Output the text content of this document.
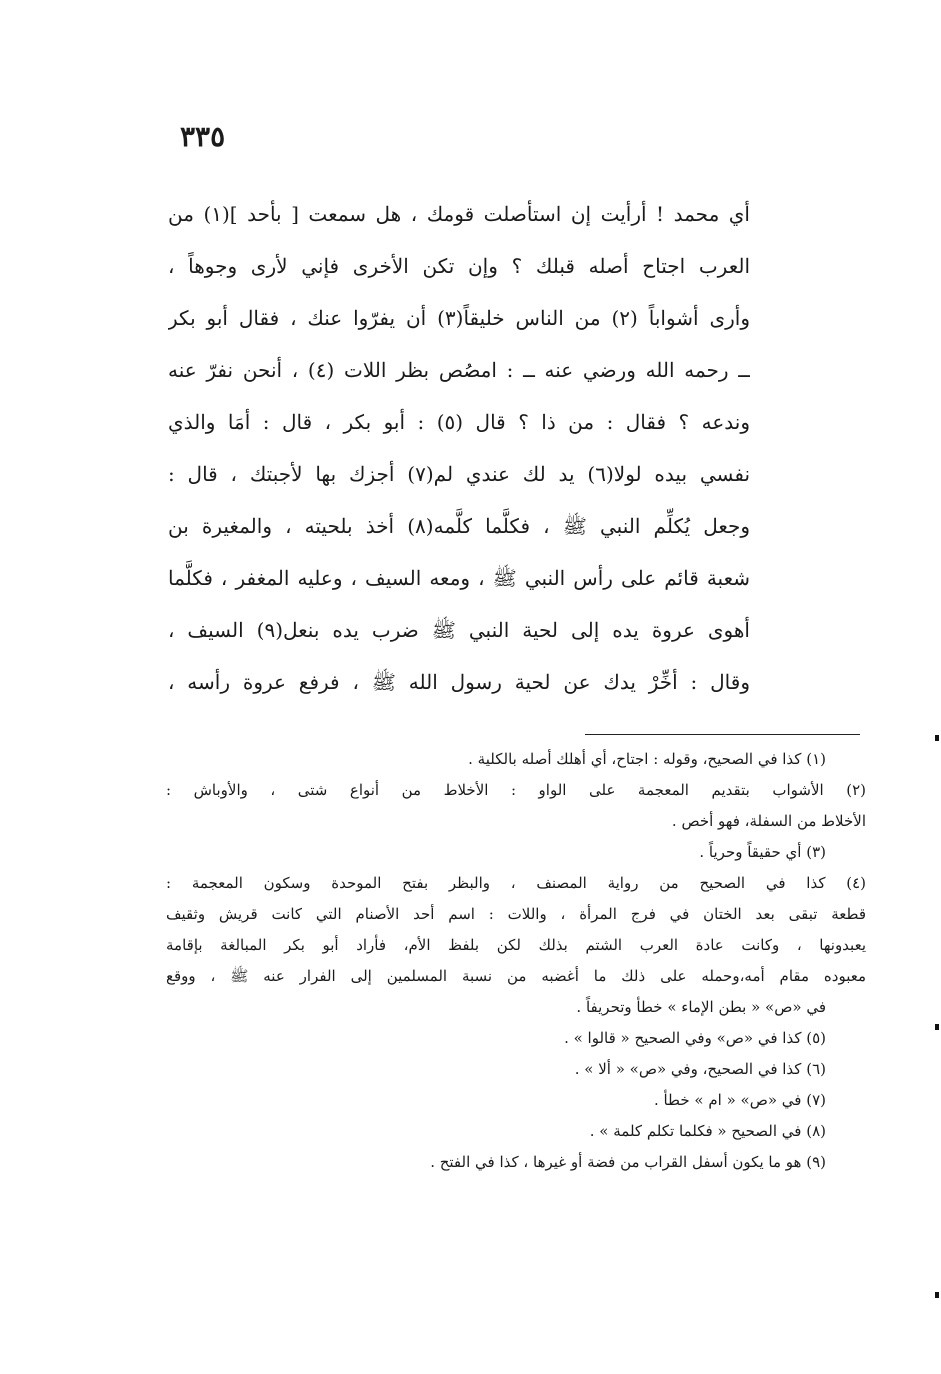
٣٣٥
أي محمد ! أرأيت إن استأصلت قومك ، هل سمعت [ بأحد ](١) من
العرب اجتاح أصله قبلك ؟ وإن تكن الأخرى فإني لأرى وجوهاً ،
وأرى أشواباً (٢) من الناس خليقاً(٣) أن يفرّوا عنك ، فقال أبو بكر
ــ رحمه الله ورضي عنه ــ : امصُص بظر اللات (٤) ، أنحن نفرّ عنه
وندعه ؟ فقال : من ذا ؟ قال (٥) : أبو بكر ، قال : أمَا والذي
نفسي بيده لولا(٦) يد لك عندي لم(٧) أجزك بها لأجبتك ، قال :
وجعل يُكلِّم النبي ﷺ ، فكلَّما كلَّمه(٨) أخذ بلحيته ، والمغيرة بن
شعبة قائم على رأس النبي ﷺ ، ومعه السيف ، وعليه المغفر ، فكلَّما
أهوى عروة يده إلى لحية النبي ﷺ ضرب يده بنعل(٩) السيف ،
وقال : أخِّرْ يدك عن لحية رسول الله ﷺ ، فرفع عروة رأسه ،
(١) كذا في الصحيح، وقوله : اجتاح، أي أهلك أصله بالكلية .
(٢) الأشواب بتقديم المعجمة على الواو : الأخلاط من أنواع شتى ، والأوباش :
الأخلاط من السفلة، فهو أخص .
(٣) أي حقيقاً وحرياً .
(٤) كذا في الصحيح من رواية المصنف ، والبظر بفتح الموحدة وسكون المعجمة :
قطعة تبقى بعد الختان في فرج المرأة ، واللات : اسم أحد الأصنام التي كانت قريش وثقيف
يعبدونها ، وكانت عادة العرب الشتم بذلك لكن بلفظ الأم، فأراد أبو بكر المبالغة بإقامة
معبوده مقام أمه،وحمله على ذلك ما أغضبه من نسبة المسلمين إلى الفرار عنه ﷺ ، ووقع
في «ص» « بطن الإماء » خطأ وتحريفاً .
(٥) كذا في «ص» وفي الصحيح « قالوا » .
(٦) كذا في الصحيح، وفي «ص» « ألا » .
(٧) في «ص» « ام » خطأ .
(٨) في الصحيح « فكلما تكلم كلمة » .
(٩) هو ما يكون أسفل القراب من فضة أو غيرها ، كذا في الفتح .
